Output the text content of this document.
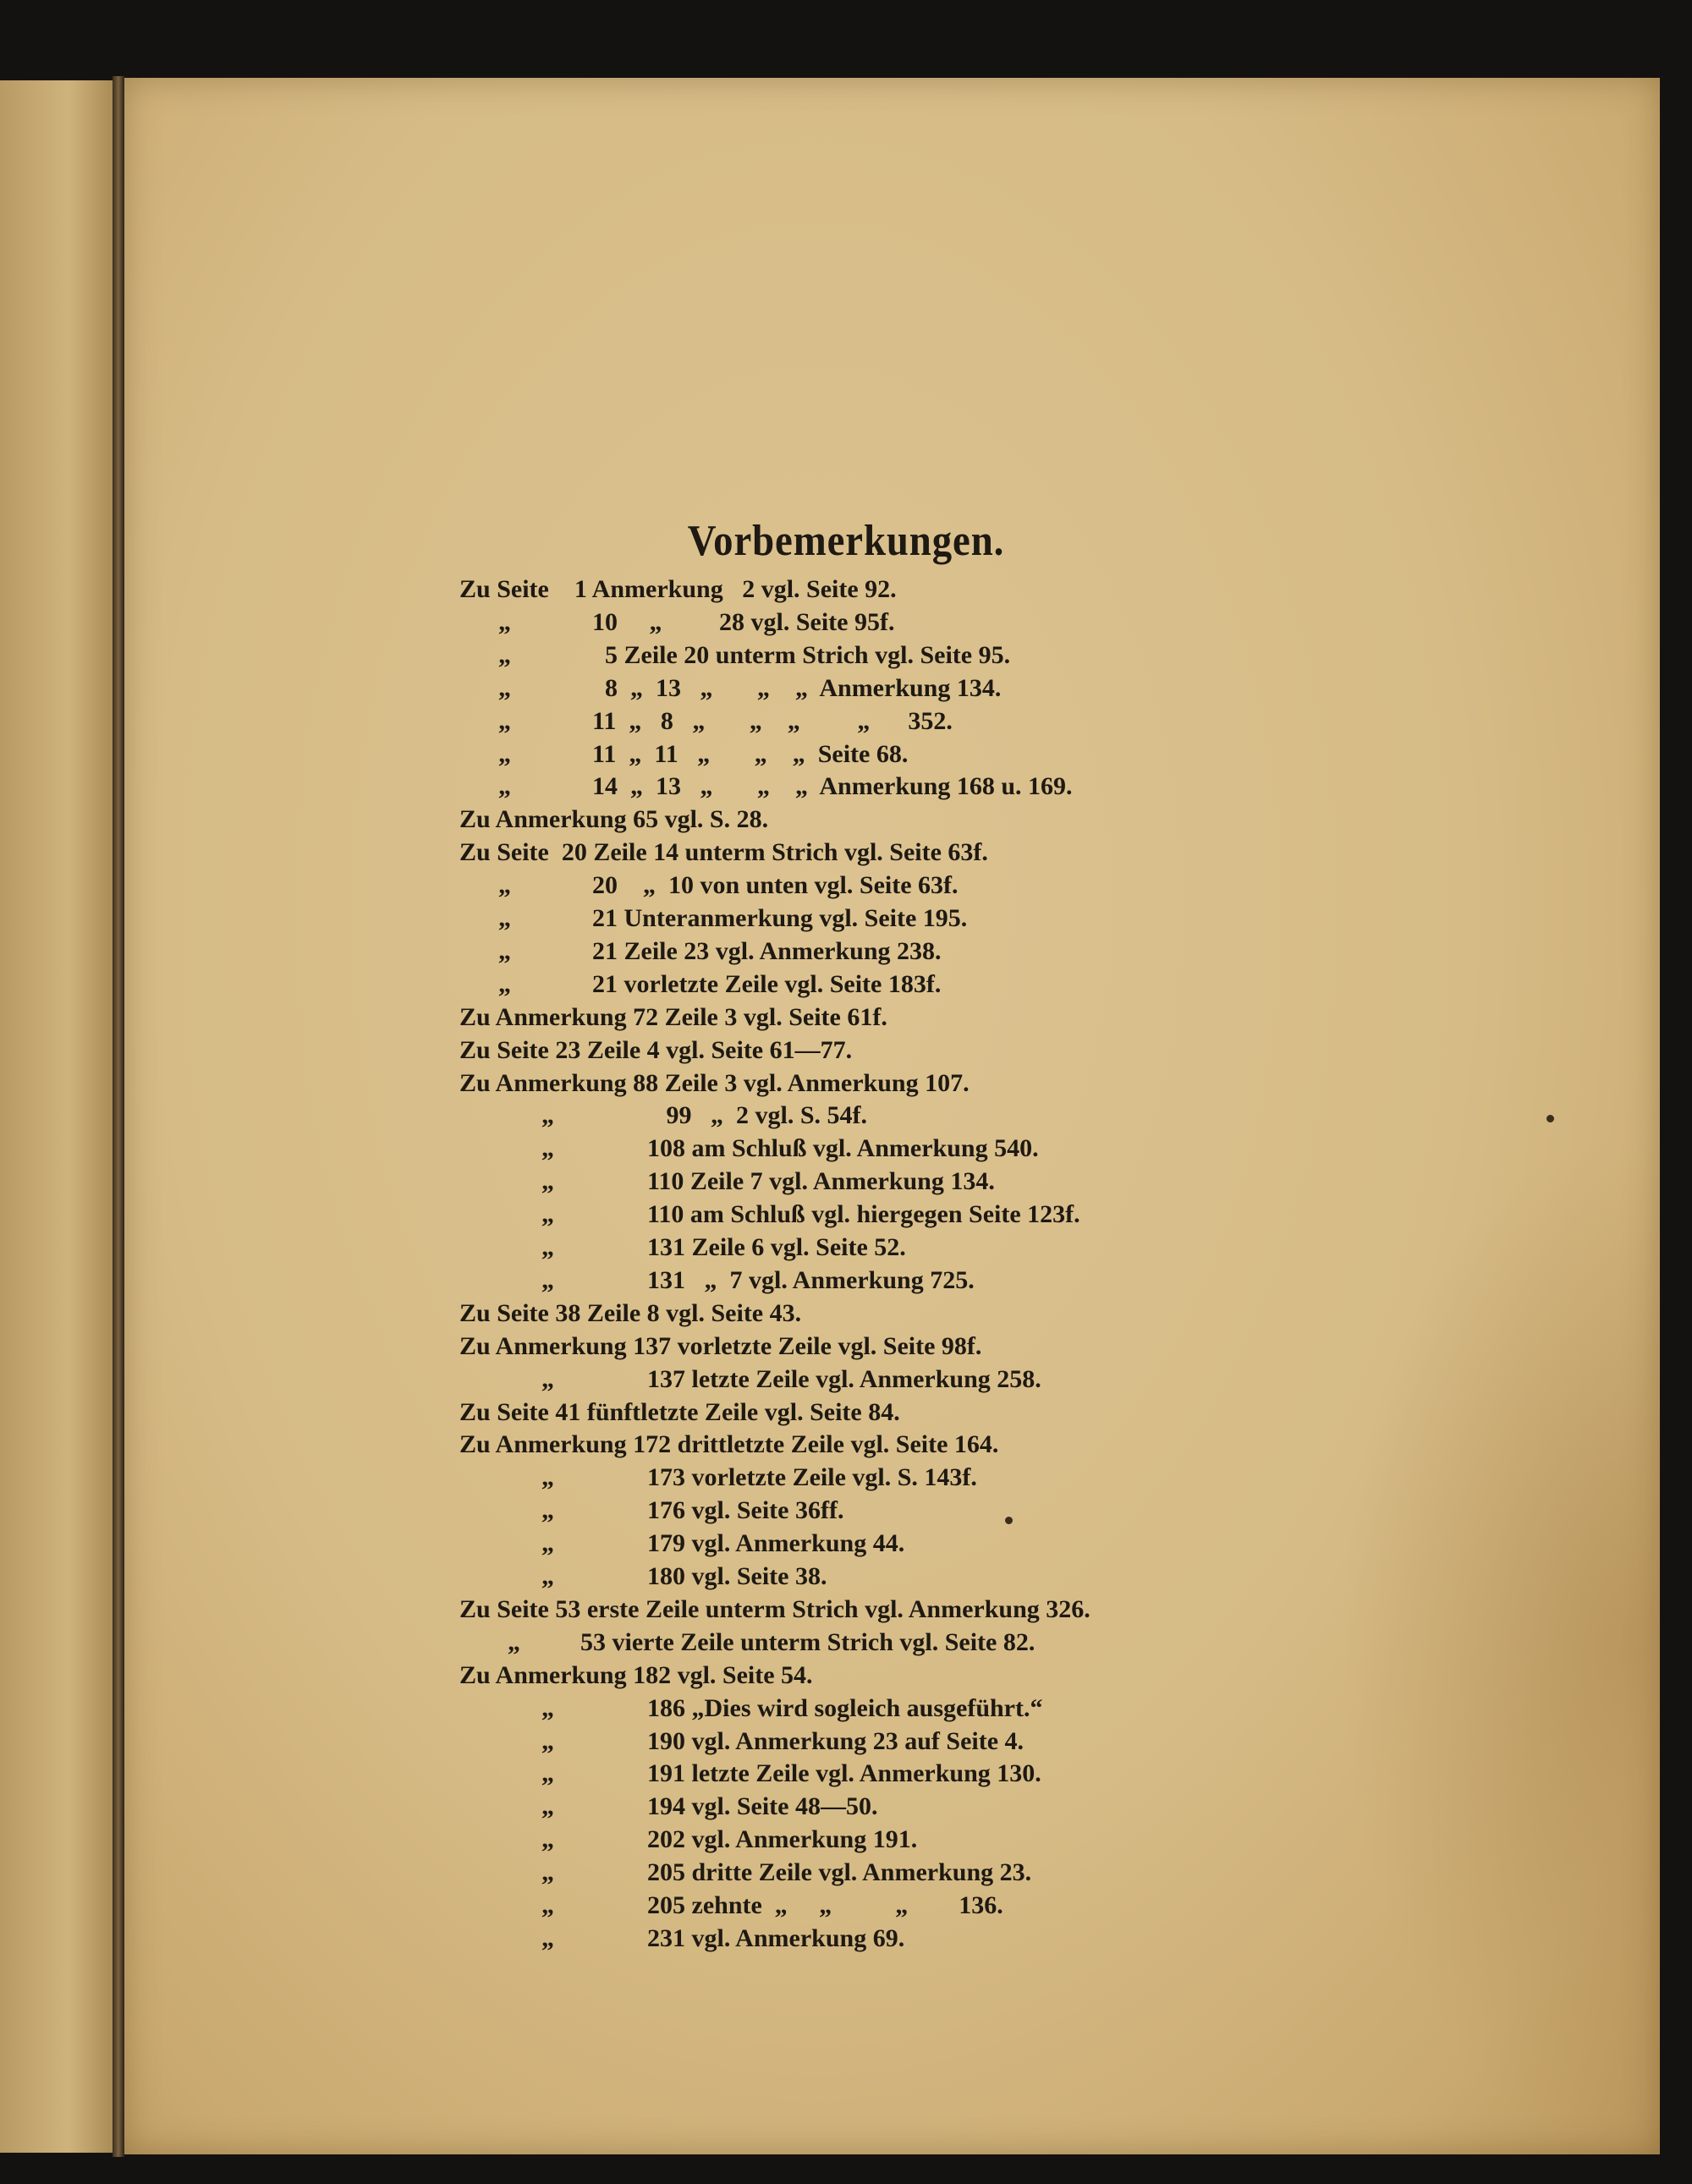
Vorbemerkungen.
Zu Seite    1 Anmerkung   2 vgl. Seite 92.
„	10     „         28 vgl. Seite 95f.
„	5 Zeile 20 unterm Strich vgl. Seite 95.
„	8  „  13   „       „    „  Anmerkung 134.
„	11  „   8   „       „    „         „      352.
„	11  „  11   „       „    „  Seite 68.
„	14  „  13   „       „    „  Anmerkung 168 u. 169.
Zu Anmerkung 65 vgl. S. 28.
Zu Seite  20 Zeile 14 unterm Strich vgl. Seite 63f.
„	20    „  10 von unten vgl. Seite 63f.
„	21 Unteranmerkung vgl. Seite 195.
„	21 Zeile 23 vgl. Anmerkung 238.
„	21 vorletzte Zeile vgl. Seite 183f.
Zu Anmerkung 72 Zeile 3 vgl. Seite 61f.
Zu Seite 23 Zeile 4 vgl. Seite 61—77.
Zu Anmerkung 88 Zeile 3 vgl. Anmerkung 107.
„	99   „  2 vgl. S. 54f.
„	108 am Schluß vgl. Anmerkung 540.
„	110 Zeile 7 vgl. Anmerkung 134.
„	110 am Schluß vgl. hiergegen Seite 123f.
„	131 Zeile 6 vgl. Seite 52.
„	131   „  7 vgl. Anmerkung 725.
Zu Seite 38 Zeile 8 vgl. Seite 43.
Zu Anmerkung 137 vorletzte Zeile vgl. Seite 98f.
„	137 letzte Zeile vgl. Anmerkung 258.
Zu Seite 41 fünftletzte Zeile vgl. Seite 84.
Zu Anmerkung 172 drittletzte Zeile vgl. Seite 164.
„	173 vorletzte Zeile vgl. S. 143f.
„	176 vgl. Seite 36ff.
„	179 vgl. Anmerkung 44.
„	180 vgl. Seite 38.
Zu Seite 53 erste Zeile unterm Strich vgl. Anmerkung 326.
„ 53 vierte Zeile unterm Strich vgl. Seite 82.
Zu Anmerkung 182 vgl. Seite 54.
„	186 „Dies wird sogleich ausgeführt.“
„	190 vgl. Anmerkung 23 auf Seite 4.
„	191 letzte Zeile vgl. Anmerkung 130.
„	194 vgl. Seite 48—50.
„	202 vgl. Anmerkung 191.
„	205 dritte Zeile vgl. Anmerkung 23.
„	205 zehnte  „     „          „        136.
„	231 vgl. Anmerkung 69.
